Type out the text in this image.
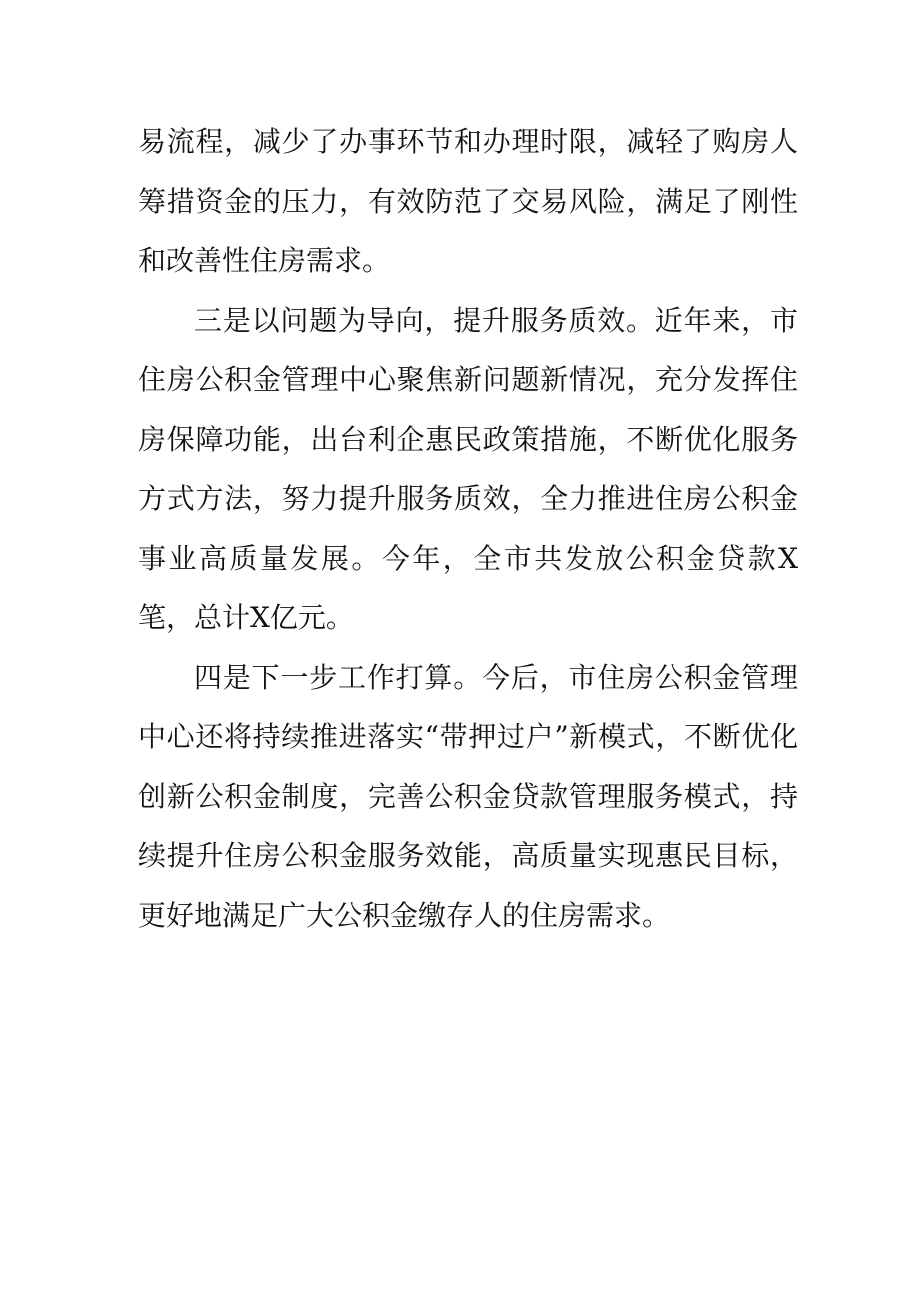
易流程，减少了办事环节和办理时限，减轻了购房人筹措资金的压力，有效防范了交易风险，满足了刚性和改善性住房需求。

三是以问题为导向，提升服务质效。近年来，市住房公积金管理中心聚焦新问题新情况，充分发挥住房保障功能，出台利企惠民政策措施，不断优化服务方式方法，努力提升服务质效，全力推进住房公积金事业高质量发展。今年，全市共发放公积金贷款X笔，总计X亿元。

四是下一步工作打算。今后，市住房公积金管理中心还将持续推进落实“带押过户”新模式，不断优化创新公积金制度，完善公积金贷款管理服务模式，持续提升住房公积金服务效能，高质量实现惠民目标，更好地满足广大公积金缴存人的住房需求。
